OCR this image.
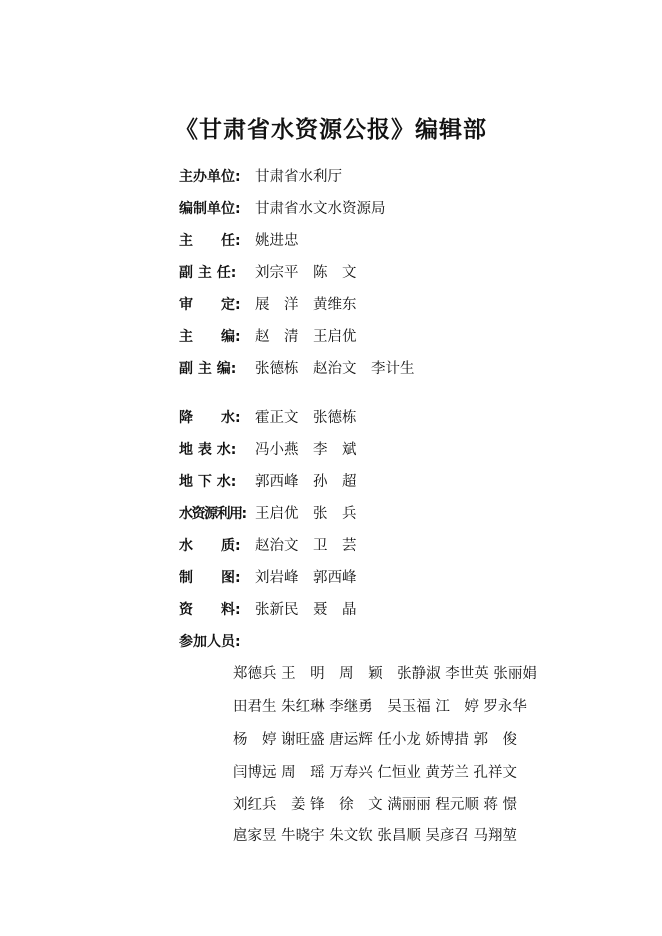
《甘肃省水资源公报》编辑部
主办单位: 甘肃省水利厅
编制单位: 甘肃省水文水资源局
主　　任: 姚进忠
副 主 任: 刘宗平　陈　文
审　　定: 展　洋　黄维东
主　　编: 赵　清　王启优
副 主 编: 张德栋　赵治文　李计生
降　　水: 霍正文　张德栋
地 表 水: 冯小燕　李　斌
地 下 水: 郭西峰　孙　超
水资源利用: 王启优　张　兵
水　　质: 赵治文　卫　芸
制　　图: 刘岩峰　郭西峰
资　　料: 张新民　聂　晶
参加人员:
郑德兵 王　明　周　颖　张静淑 李世英 张丽娟
田君生 朱红琳 李继勇　吴玉福 江　婷 罗永华
杨　婷 谢旺盛 唐运辉 任小龙 娇博措 郭　俊
闫博远 周　瑶 万寿兴 仁恒业 黄芳兰 孔祥文
刘红兵　姜 锋　徐　文 满丽丽 程元顺 蒋 憬
扈家昱 牛晓宇 朱文钦 张昌顺 吴彦召 马翔堃
